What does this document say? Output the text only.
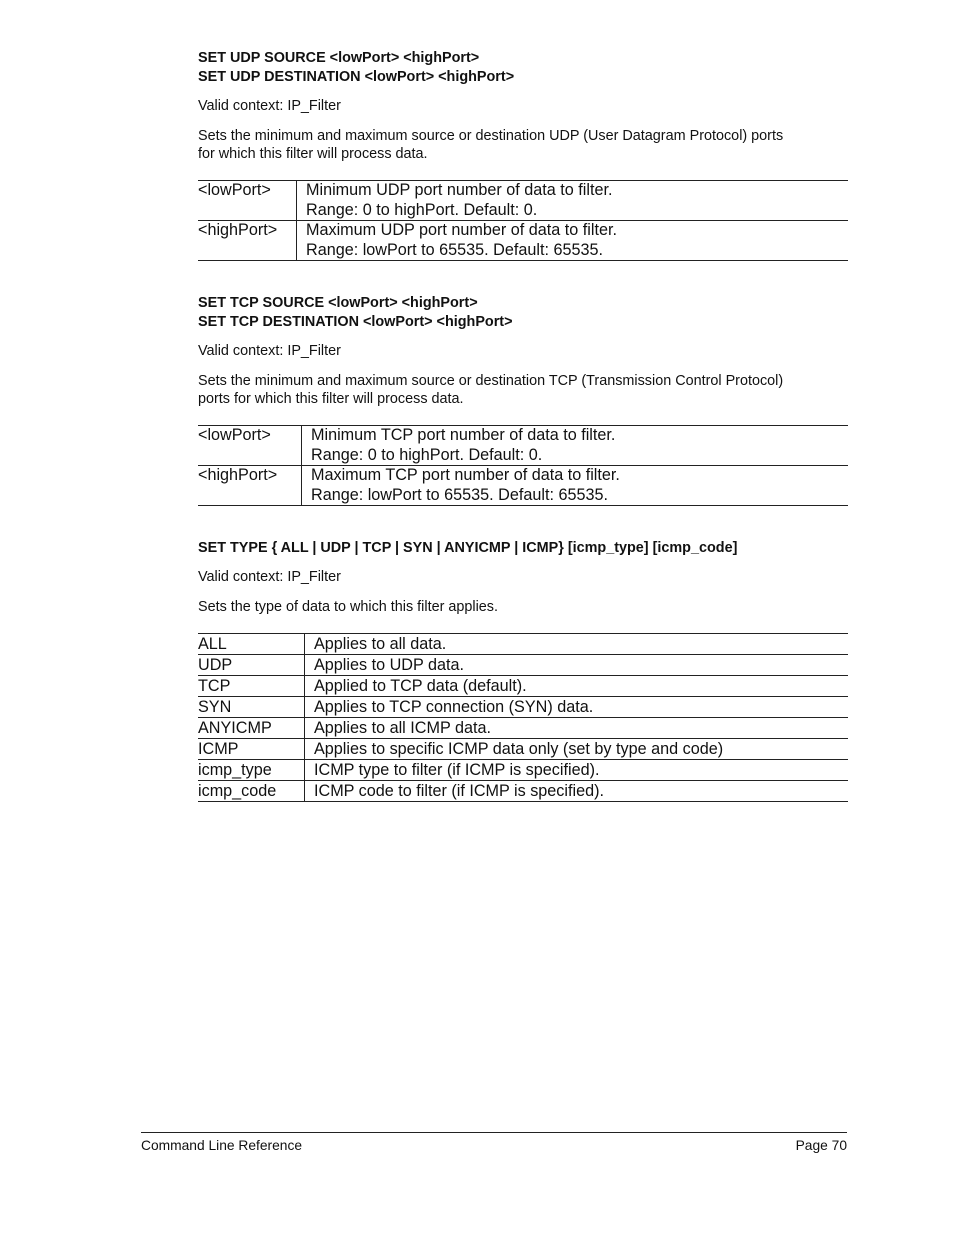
SET UDP SOURCE <lowPort> <highPort>
SET UDP DESTINATION <lowPort> <highPort>

Valid context: IP_Filter

Sets the minimum and maximum source or destination UDP (User Datagram Protocol) ports
for which this filter will process data.

<lowPort>	Minimum UDP port number of data to filter.
Range: 0 to highPort. Default: 0.

<highPort>	Maximum UDP port number of data to filter.
Range: lowPort to 65535. Default: 65535.

SET TCP SOURCE <lowPort> <highPort>
SET TCP DESTINATION <lowPort> <highPort>

Valid context: IP_Filter

Sets the minimum and maximum source or destination TCP (Transmission Control Protocol)
ports for which this filter will process data.

<lowPort>	Minimum TCP port number of data to filter.
Range: 0 to highPort. Default: 0.

<highPort>	Maximum TCP port number of data to filter.
Range: lowPort to 65535. Default: 65535.

SET TYPE { ALL | UDP | TCP | SYN | ANYICMP | ICMP} [icmp_type] [icmp_code]

Valid context: IP_Filter

Sets the type of data to which this filter applies.

ALL	Applies to all data.
UDP	Applies to UDP data.
TCP	Applied to TCP data (default).
SYN	Applies to TCP connection (SYN) data.
ANYICMP	Applies to all ICMP data.
ICMP	Applies to specific ICMP data only (set by type and code)
icmp_type	ICMP type to filter (if ICMP is specified).
icmp_code	ICMP code to filter (if ICMP is specified).
Command Line Reference	Page 70
